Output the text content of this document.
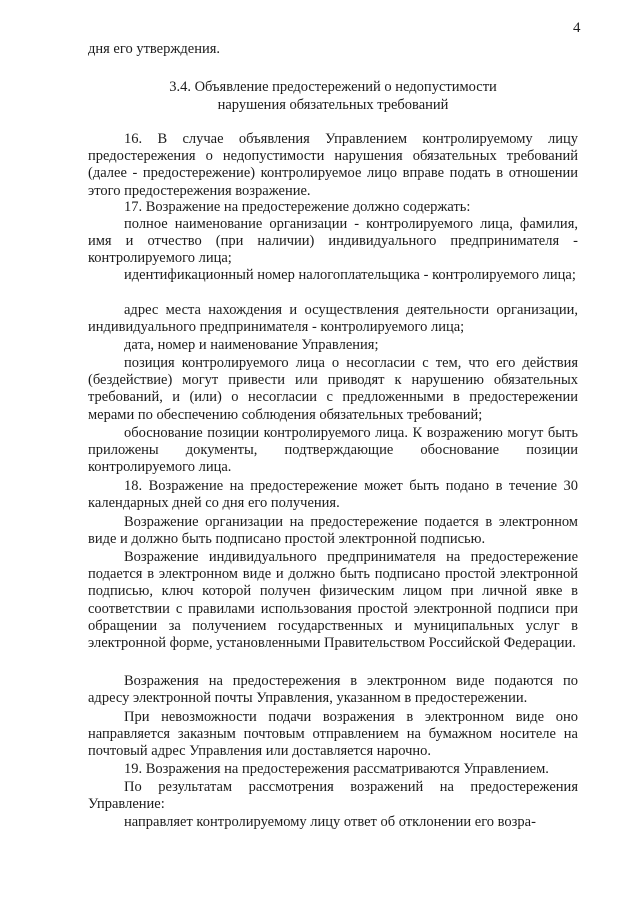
4
дня его утверждения.
3.4. Объявление предостережений о недопустимости
нарушения обязательных требований
16. В случае объявления Управлением контролируемому лицу предостережения о недопустимости нарушения обязательных требований (далее - предостережение) контролируемое лицо вправе подать в отношении этого предостережения возражение.
17. Возражение на предостережение должно содержать:
полное наименование организации - контролируемого лица, фамилия, имя и отчество (при наличии) индивидуального предпринимателя - контролируемого лица;
идентификационный номер налогоплательщика - контролируемого лица;
адрес места нахождения и осуществления деятельности организации, индивидуального предпринимателя - контролируемого лица;
дата, номер и наименование Управления;
позиция контролируемого лица о несогласии с тем, что его действия (бездействие) могут привести или приводят к нарушению обязательных требований, и (или) о несогласии с предложенными в предостережении мерами по обеспечению соблюдения обязательных требований;
обоснование позиции контролируемого лица. К возражению могут быть приложены документы, подтверждающие обоснование позиции контролируемого лица.
18. Возражение на предостережение может быть подано в течение 30 календарных дней со дня его получения.
Возражение организации на предостережение подается в электронном виде и должно быть подписано простой электронной подписью.
Возражение индивидуального предпринимателя на предостережение подается в электронном виде и должно быть подписано простой электронной подписью, ключ которой получен физическим лицом при личной явке в соответствии с правилами использования простой электронной подписи при обращении за получением государственных и муниципальных услуг в электронной форме, установленными Правительством Российской Федерации.
Возражения на предостережения в электронном виде подаются по адресу электронной почты Управления, указанном в предостережении.
При невозможности подачи возражения в электронном виде оно направляется заказным почтовым отправлением на бумажном носителе на почтовый адрес Управления или доставляется нарочно.
19. Возражения на предостережения рассматриваются Управлением.
По результатам рассмотрения возражений на предостережения Управление:
направляет контролируемому лицу ответ об отклонении его возра-
